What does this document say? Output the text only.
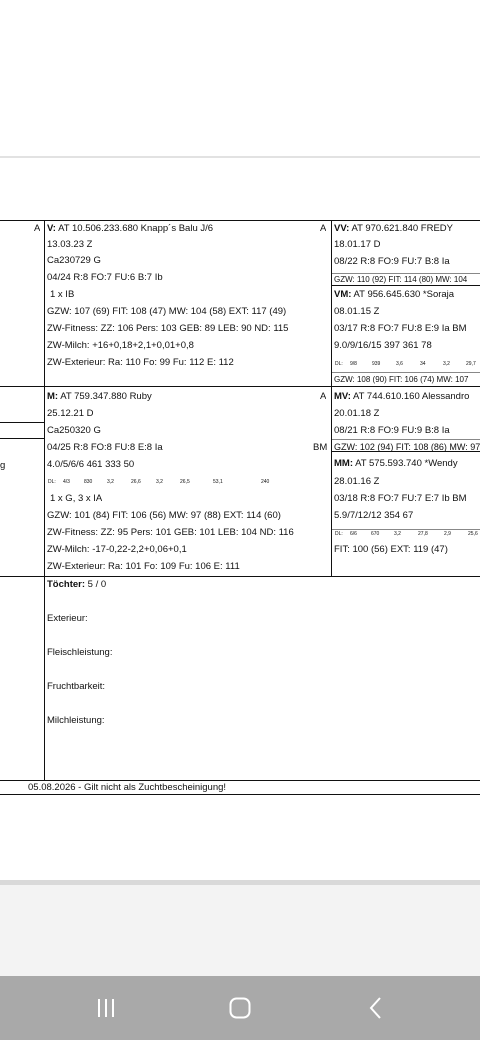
A
g
V: AT 10.506.233.680 Knapp´s Balu J/6	A
13.03.23 Z
Ca230729 G
04/24 R:8 FO:7 FU:6 B:7 Ib
1 x IB
GZW: 107 (69) FIT: 108 (47) MW: 104 (58) EXT: 117 (49)
ZW-Fitness: ZZ: 106 Pers: 103 GEB: 89 LEB: 90 ND: 115
ZW-Milch: +16+0,18+2,1+0,01+0,8
ZW-Exterieur: Ra: 110 Fo: 99 Fu: 112 E: 112
VV: AT 970.621.840 FREDY
18.01.17 D
08/22 R:8 FO:9 FU:7 B:8 Ia
GZW: 110 (92) FIT: 114 (80) MW: 104
VM: AT 956.645.630 *Soraja
08.01.15 Z
03/17 R:8 FO:7 FU:8 E:9 Ia BM
9.0/9/16/15 397 361 78
DL: 9/8	939	3,6	34	3,2	29,7
GZW: 108 (90) FIT: 106 (74) MW: 107
M: AT 759.347.880 Ruby	A
25.12.21 D
Ca250320 G
04/25 R:8 FO:8 FU:8 E:8 Ia	BM
4.0/5/6/6 461 333 50
DL: 4/3	830	3,2	26,6	3,2	26,5	53,1	240
1 x G, 3 x IA
GZW: 101 (84) FIT: 106 (56) MW: 97 (88) EXT: 114 (60)
ZW-Fitness: ZZ: 95 Pers: 101 GEB: 101 LEB: 104 ND: 116
ZW-Milch: -17-0,22-2,2+0,06+0,1
ZW-Exterieur: Ra: 101 Fo: 109 Fu: 106 E: 111
MV: AT 744.610.160 Alessandro
20.01.18 Z
08/21 R:8 FO:9 FU:9 B:8 Ia
GZW: 102 (94) FIT: 108 (86) MW: 97
MM: AT 575.593.740 *Wendy
28.01.16 Z
03/18 R:8 FO:7 FU:7 E:7 Ib BM
5.9/7/12/12 354 67
DL: 6/6	670	3,2	27,8	2,9	25,6
FIT: 100 (56) EXT: 119 (47)
Töchter: 5 / 0
Exterieur:
Fleischleistung:
Fruchtbarkeit:
Milchleistung:
05.08.2026 - Gilt nicht als Zuchtbescheinigung!
